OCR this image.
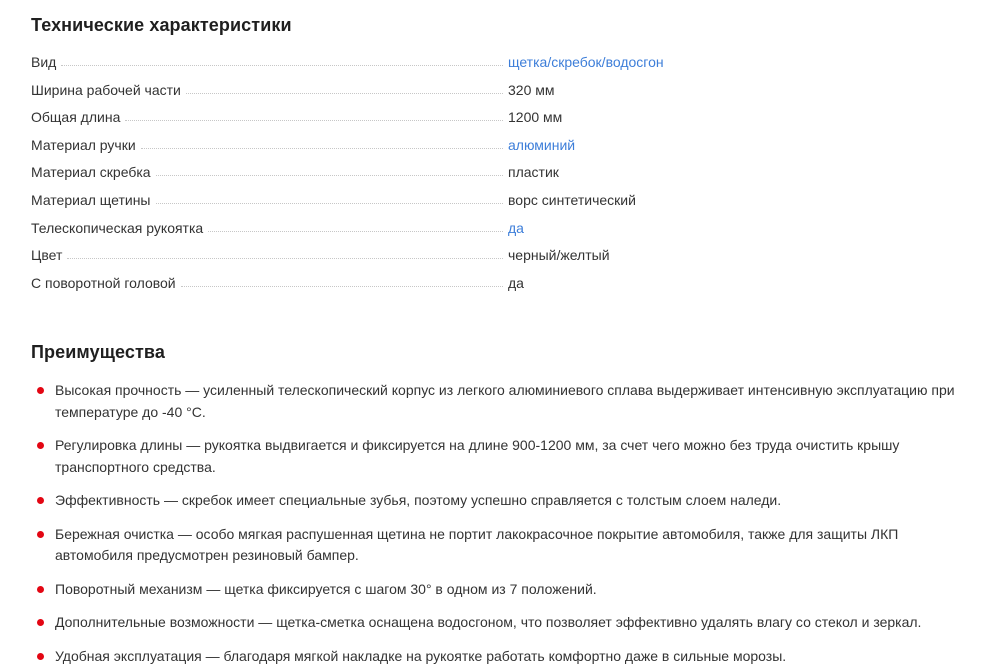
Технические характеристики
Вид	щетка/скребок/водосгон
Ширина рабочей части	320 мм
Общая длина	1200 мм
Материал ручки	алюминий
Материал скребка	пластик
Материал щетины	ворс синтетический
Телескопическая рукоятка	да
Цвет	черный/желтый
С поворотной головой	да
Преимущества
Высокая прочность — усиленный телескопический корпус из легкого алюминиевого сплава выдерживает интенсивную эксплуатацию при температуре до -40 °С.
Регулировка длины — рукоятка выдвигается и фиксируется на длине 900-1200 мм, за счет чего можно без труда очистить крышу транспортного средства.
Эффективность — скребок имеет специальные зубья, поэтому успешно справляется с толстым слоем наледи.
Бережная очистка — особо мягкая распушенная щетина не портит лакокрасочное покрытие автомобиля, также для защиты ЛКП автомобиля предусмотрен резиновый бампер.
Поворотный механизм — щетка фиксируется с шагом 30° в одном из 7 положений.
Дополнительные возможности — щетка-сметка оснащена водосгоном, что позволяет эффективно удалять влагу со стекол и зеркал.
Удобная эксплуатация — благодаря мягкой накладке на рукоятке работать комфортно даже в сильные морозы.
